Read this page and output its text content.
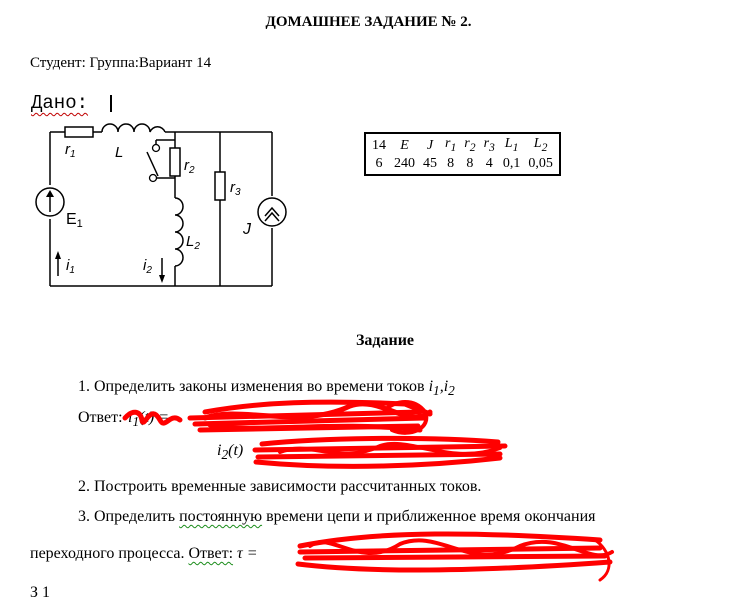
ДОМАШНЕЕ ЗАДАНИЕ № 2.
Студент: Группа:Вариант 14
Дано:
$r_1$	L
$r_2$
$r_3$
$L_2$
E1
$i_1$	$i_2$
J
14	E	J	$r_1$	$r_2$	$r_3$	$L_1$	$L_2$
6	240	45	8	8	4	0,1	0,05
Задание
1. Определить законы изменения во времени токов $i_1,i_2$
Ответ: $i_1(t)$ =
$i_2(t)$
2. Построить временные зависимости рассчитанных токов.
3. Определить постоянную времени цепи и приближенное время окончания
переходного процесса. Ответ: τ =
З 1
